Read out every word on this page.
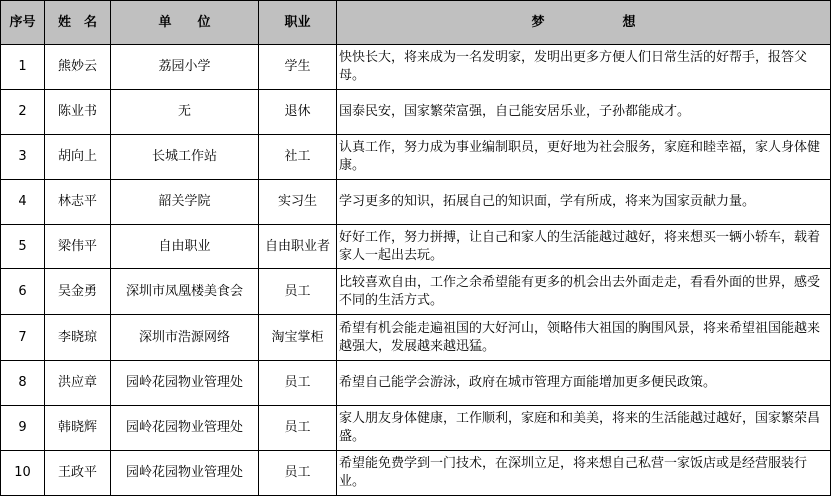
序号	姓　名	单　　位	职业	梦　　　　　　想
1	熊妙云	荔园小学	学生	快快长大，将来成为一名发明家，发明出更多方便人们日常生活的好帮手，报答父母。
2	陈业书	无	退休	国泰民安，国家繁荣富强，自己能安居乐业，子孙都能成才。
3	胡向上	长城工作站	社工	认真工作，努力成为事业编制职员，更好地为社会服务，家庭和睦幸福，家人身体健康。
4	林志平	韶关学院	实习生	学习更多的知识，拓展自己的知识面，学有所成，将来为国家贡献力量。
5	梁伟平	自由职业	自由职业者	好好工作，努力拼搏，让自己和家人的生活能越过越好，将来想买一辆小轿车，载着家人一起出去玩。
6	吴金勇	深圳市凤凰楼美食会	员工	比较喜欢自由，工作之余希望能有更多的机会出去外面走走，看看外面的世界，感受不同的生活方式。
7	李晓琼	深圳市浩源网络	淘宝掌柜	希望有机会能走遍祖国的大好河山，领略伟大祖国的胸围风景，将来希望祖国能越来越强大，发展越来越迅猛。
8	洪应章	园岭花园物业管理处	员工	希望自己能学会游泳，政府在城市管理方面能增加更多便民政策。
9	韩晓辉	园岭花园物业管理处	员工	家人朋友身体健康，工作顺利，家庭和和美美，将来的生活能越过越好，国家繁荣昌盛。
10	王政平	园岭花园物业管理处	员工	希望能免费学到一门技术，在深圳立足，将来想自己私营一家饭店或是经营服装行业。
